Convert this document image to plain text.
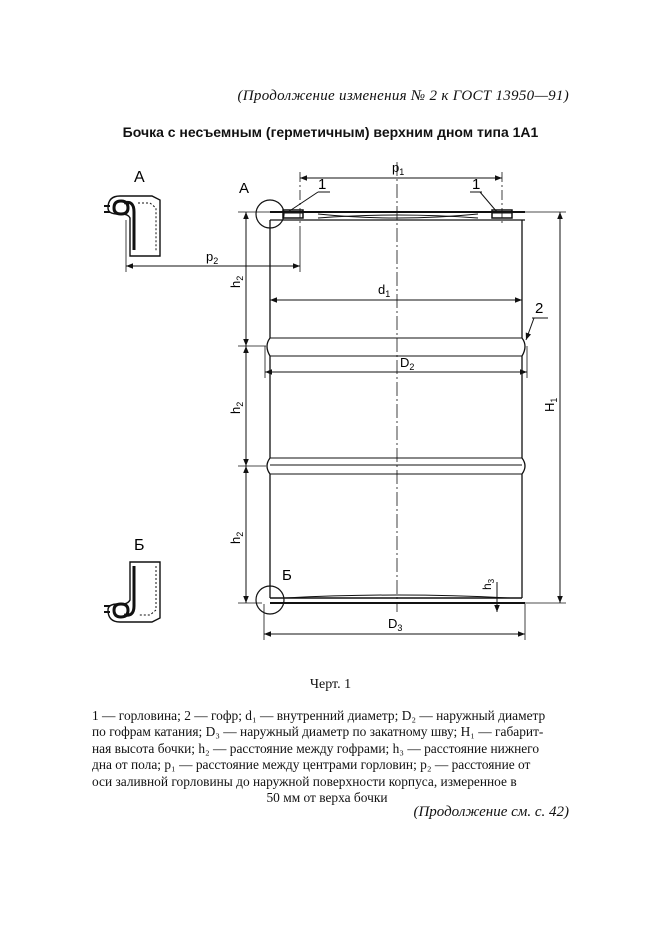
(Продолжение изменения № 2 к ГОСТ 13950—91)
Бочка с несъемным (герметичным) верхним дном типа 1А1
$p_1$
1	1
2
А
Б
$d_1$
$D_2$
$D_3$
$H_1$
$h_2$
$h_2$
$h_2$
$h_3$
$p_2$
А
Б
Черт. 1
1 — горловина; 2 — гофр; d₁ — внутренний диаметр; D₂ — наружный диаметр
по гофрам катания; D₃ — наружный диаметр по закатному шву; H₁ — габарит-
ная высота бочки; h₂ — расстояние между гофрами; h₃ — расстояние нижнего
дна от пола; p₁ — расстояние между центрами горловин; p₂ — расстояние от
оси заливной горловины до наружной поверхности корпуса, измеренное в
50 мм от верха бочки
(Продолжение см. с. 42)
